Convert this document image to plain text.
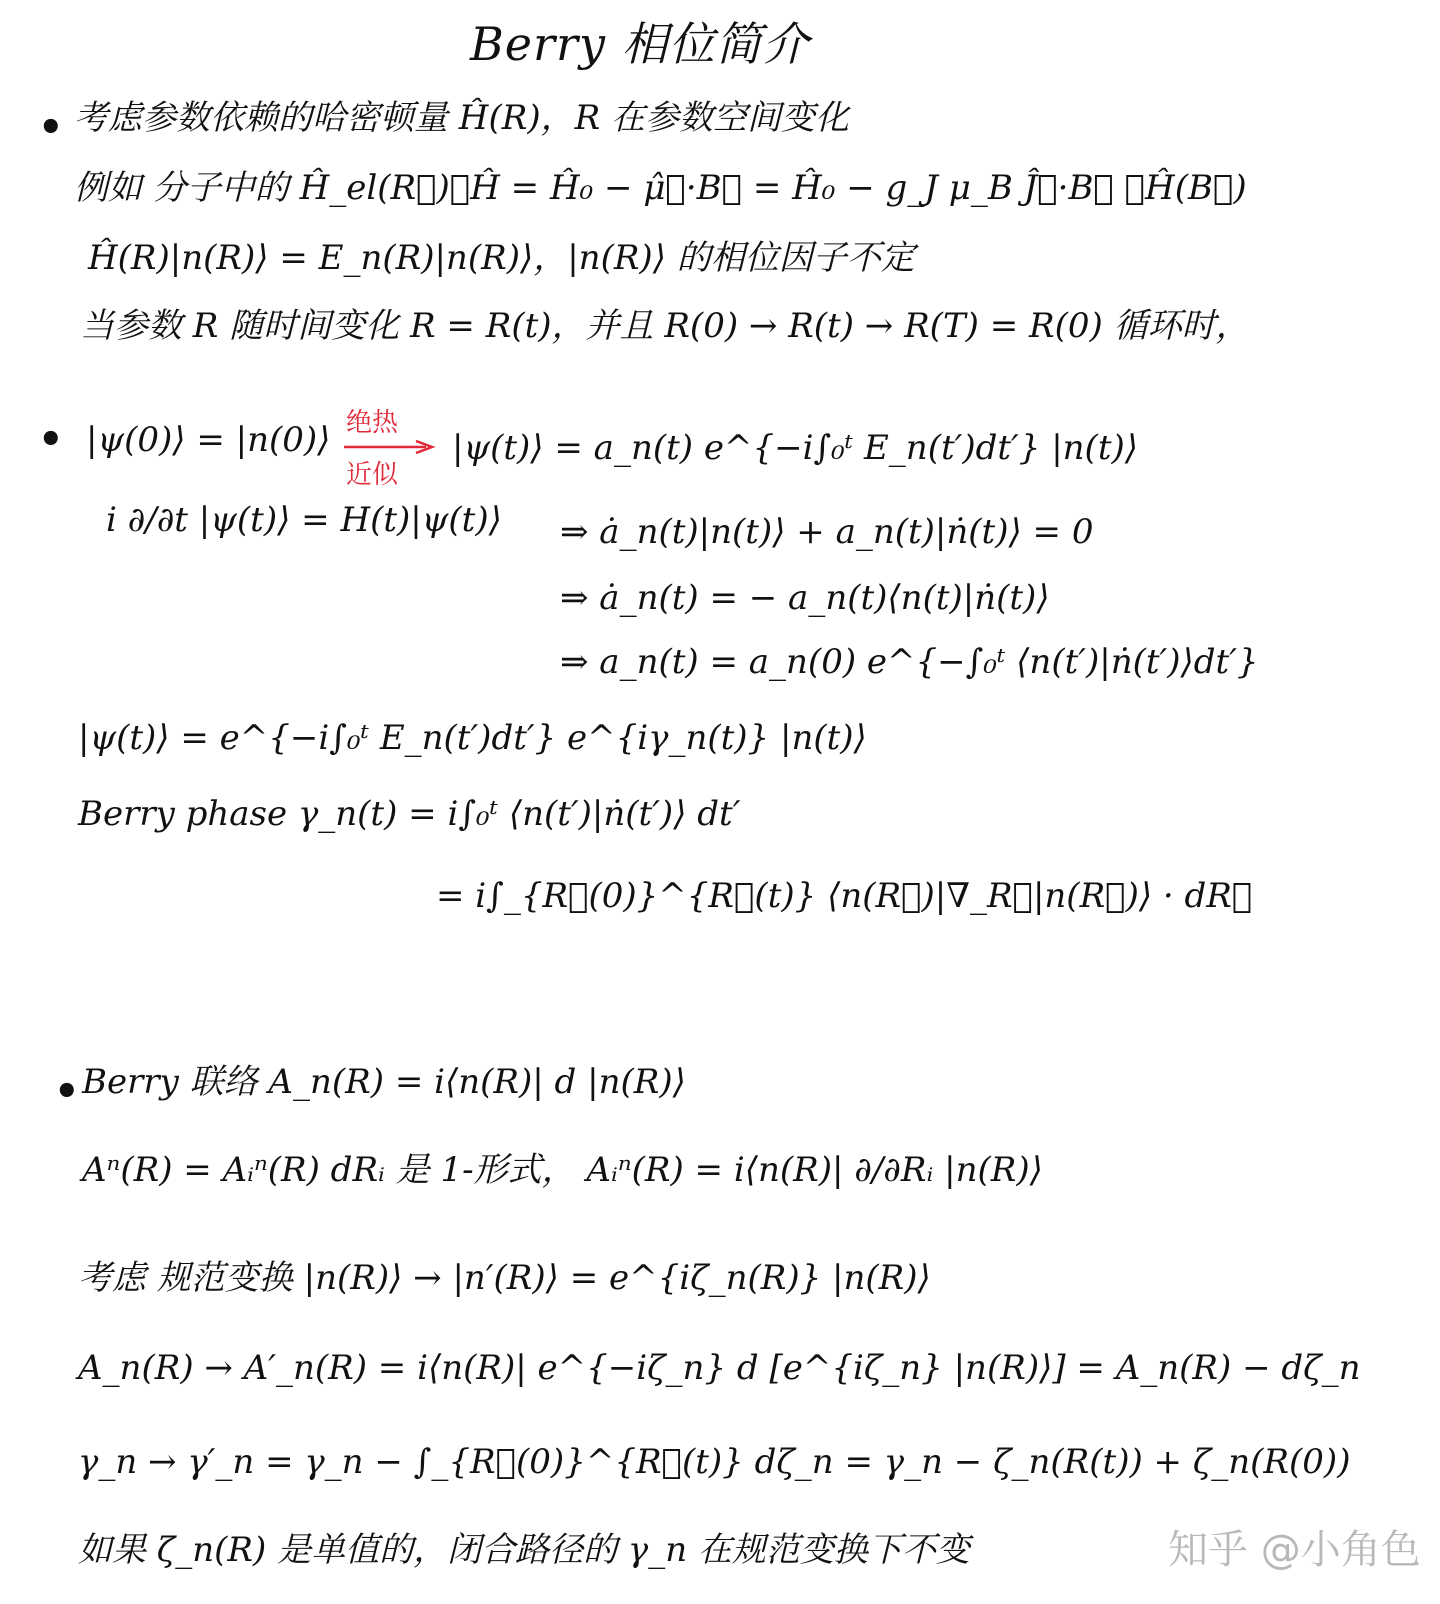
Berry 相位简介
• 考虑参数依赖的哈密顿量 Ĥ(R)，R 在参数空间变化
例如 分子中的 Ĥ_el(R⃗)，Ĥ = Ĥ₀ − μ̂⃗·B⃗ = Ĥ₀ − g_J μ_B Ĵ⃗·B⃗ ，Ĥ(B⃗)
Ĥ(R)|n(R)⟩ = E_n(R)|n(R)⟩，|n(R)⟩ 的相位因子不定
当参数 R 随时间变化 R = R(t)，并且 R(0) → R(t) → R(T) = R(0) 循环时，
• |ψ(0)⟩ = |n(0)⟩ 绝热
近似
|ψ(t)⟩ = a_n(t) e^{−i∫₀ᵗ E_n(t′)dt′} |n(t)⟩
i ∂/∂t |ψ(t)⟩ = H(t)|ψ(t)⟩ ⇒ ȧ_n(t)|n(t)⟩ + a_n(t)|ṅ(t)⟩ = 0
⇒ ȧ_n(t) = − a_n(t)⟨n(t)|ṅ(t)⟩
⇒ a_n(t) = a_n(0) e^{−∫₀ᵗ ⟨n(t′)|ṅ(t′)⟩dt′}
|ψ(t)⟩ = e^{−i∫₀ᵗ E_n(t′)dt′} e^{iγ_n(t)} |n(t)⟩
Berry phase γ_n(t) = i∫₀ᵗ ⟨n(t′)|ṅ(t′)⟩ dt′
= i∫_{R⃗(0)}^{R⃗(t)} ⟨n(R⃗)|∇_R⃗|n(R⃗)⟩ · dR⃗
• Berry 联络 A_n(R) = i⟨n(R)| d |n(R)⟩
Aⁿ(R) = Aᵢⁿ(R) dRᵢ 是 1-形式， Aᵢⁿ(R) = i⟨n(R)| ∂/∂Rᵢ |n(R)⟩
考虑 规范变换 |n(R)⟩ → |n′(R)⟩ = e^{iζ_n(R)} |n(R)⟩
A_n(R) → A′_n(R) = i⟨n(R)| e^{−iζ_n} d [e^{iζ_n} |n(R)⟩] = A_n(R) − dζ_n
γ_n → γ′_n = γ_n − ∫_{R⃗(0)}^{R⃗(t)} dζ_n = γ_n − ζ_n(R(t)) + ζ_n(R(0))
如果 ζ_n(R) 是单值的，闭合路径的 γ_n 在规范变换下不变	知乎 @小角色
